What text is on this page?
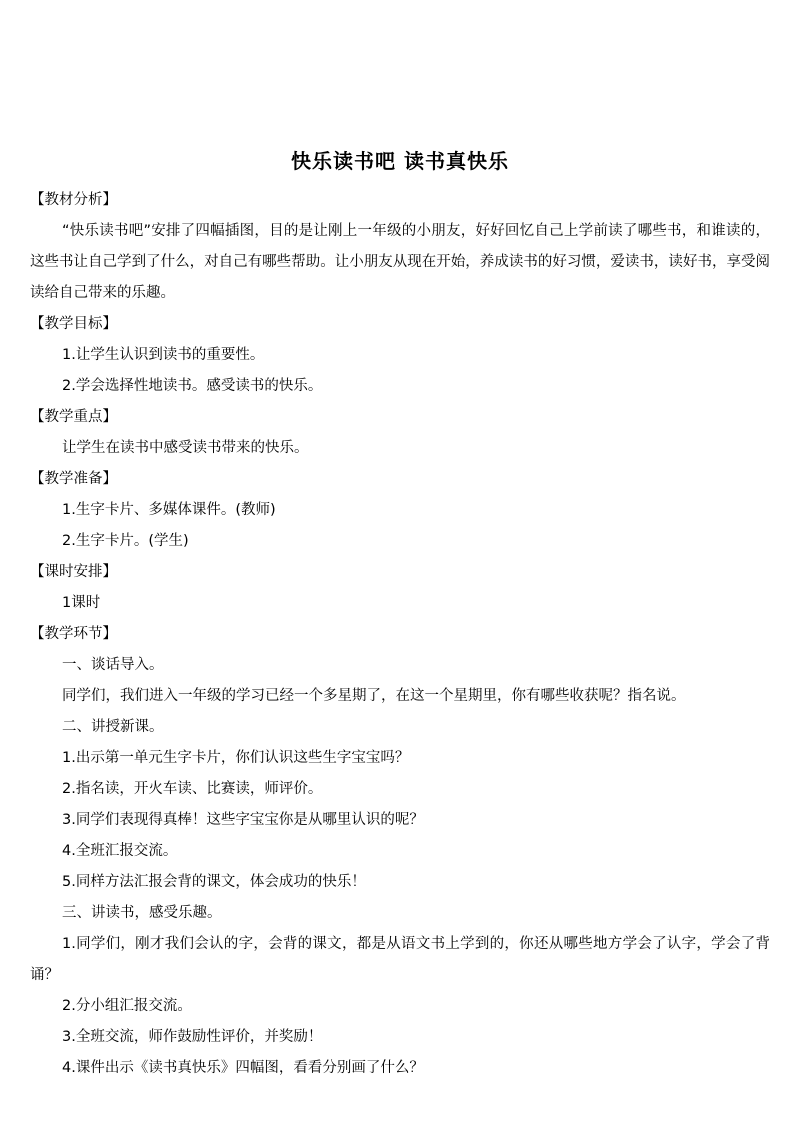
快乐读书吧 读书真快乐
【教材分析】

“快乐读书吧”安排了四幅插图，目的是让刚上一年级的小朋友，好好回忆自己上学前读了哪些书，和谁读的，这些书让自己学到了什么，对自己有哪些帮助。让小朋友从现在开始，养成读书的好习惯，爱读书，读好书，享受阅读给自己带来的乐趣。

【教学目标】
1.让学生认识到读书的重要性。
2.学会选择性地读书。感受读书的快乐。
【教学重点】
让学生在读书中感受读书带来的快乐。
【教学准备】
1.生字卡片、多媒体课件。(教师)
2.生字卡片。(学生)
【课时安排】
1课时
【教学环节】
一、谈话导入。
同学们，我们进入一年级的学习已经一个多星期了，在这一个星期里，你有哪些收获呢？指名说。
二、讲授新课。
1.出示第一单元生字卡片，你们认识这些生字宝宝吗？
2.指名读，开火车读、比赛读，师评价。
3.同学们表现得真棒！这些字宝宝你是从哪里认识的呢？
4.全班汇报交流。
5.同样方法汇报会背的课文，体会成功的快乐！
三、讲读书，感受乐趣。

1.同学们，刚才我们会认的字，会背的课文，都是从语文书上学到的，你还从哪些地方学会了认字，学会了背诵？

2.分小组汇报交流。
3.全班交流，师作鼓励性评价，并奖励！
4.课件出示《读书真快乐》四幅图，看看分别画了什么？
